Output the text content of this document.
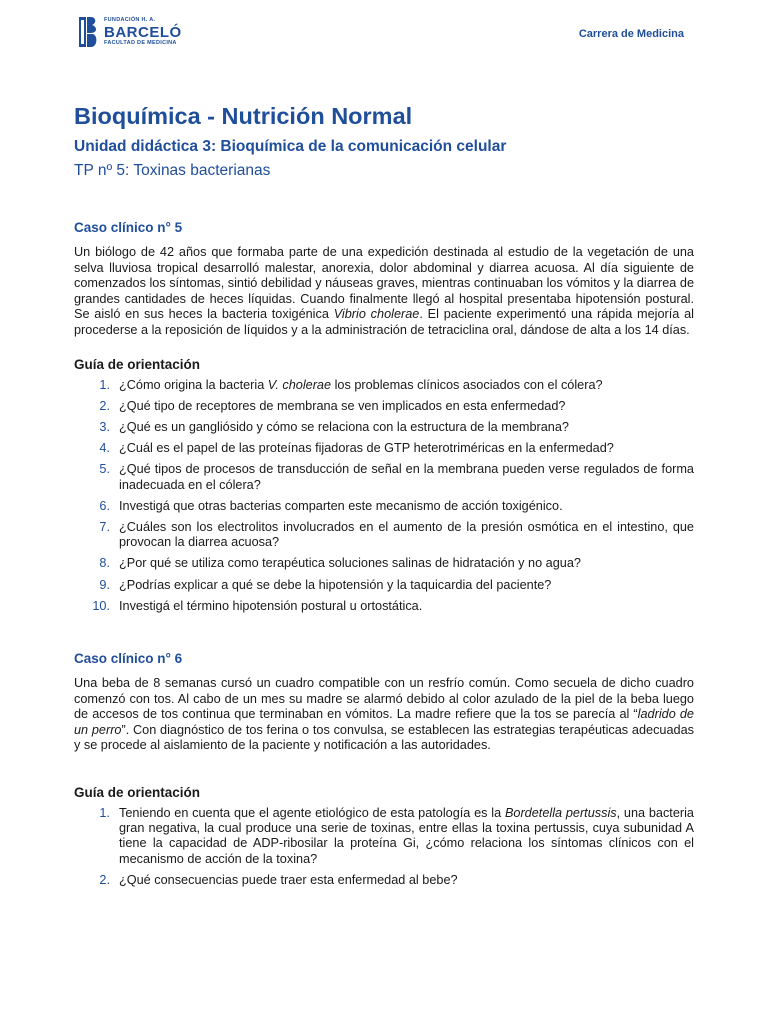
FUNDACIÓN H. A.
BARCELÓ
FACULTAD DE MEDICINA
Carrera de Medicina
Bioquímica - Nutrición Normal
Unidad didáctica 3: Bioquímica de la comunicación celular
TP nº 5: Toxinas bacterianas
Caso clínico n° 5

Un biólogo de 42 años que formaba parte de una expedición destinada al estudio de la vegetación de una selva lluviosa tropical desarrolló malestar, anorexia, dolor abdominal y diarrea acuosa. Al día siguiente de comenzados los síntomas, sintió debilidad y náuseas graves, mientras continuaban los vómitos y la diarrea de grandes cantidades de heces líquidas. Cuando finalmente llegó al hospital presentaba hipotensión postural. Se aisló en sus heces la bacteria toxigénica Vibrio cholerae. El paciente experimentó una rápida mejoría al procederse a la reposición de líquidos y a la administración de tetraciclina oral, dándose de alta a los 14 días.

Guía de orientación
1. ¿Cómo origina la bacteria V. cholerae los problemas clínicos asociados con el cólera?
2. ¿Qué tipo de receptores de membrana se ven implicados en esta enfermedad?
3. ¿Qué es un gangliósido y cómo se relaciona con la estructura de la membrana?
4. ¿Cuál es el papel de las proteínas fijadoras de GTP heterotriméricas en la enfermedad?
5. ¿Qué tipos de procesos de transducción de señal en la membrana pueden verse regulados de forma inadecuada en el cólera?
6. Investigá que otras bacterias comparten este mecanismo de acción toxigénico.
7. ¿Cuáles son los electrolitos involucrados en el aumento de la presión osmótica en el intestino, que provocan la diarrea acuosa?
8. ¿Por qué se utiliza como terapéutica soluciones salinas de hidratación y no agua?
9. ¿Podrías explicar a qué se debe la hipotensión y la taquicardia del paciente?
10. Investigá el término hipotensión postural u ortostática.
Caso clínico n° 6

Una beba de 8 semanas cursó un cuadro compatible con un resfrío común. Como secuela de dicho cuadro comenzó con tos. Al cabo de un mes su madre se alarmó debido al color azulado de la piel de la beba luego de accesos de tos continua que terminaban en vómitos. La madre refiere que la tos se parecía al “ladrido de un perro”. Con diagnóstico de tos ferina o tos convulsa, se establecen las estrategias terapéuticas adecuadas y se procede al aislamiento de la paciente y notificación a las autoridades.

Guía de orientación
1. Teniendo en cuenta que el agente etiológico de esta patología es la Bordetella pertussis, una bacteria gran negativa, la cual produce una serie de toxinas, entre ellas la toxina pertussis, cuya subunidad A tiene la capacidad de ADP-ribosilar la proteína Gi, ¿cómo relaciona los síntomas clínicos con el mecanismo de acción de la toxina?
2. ¿Qué consecuencias puede traer esta enfermedad al bebe?
